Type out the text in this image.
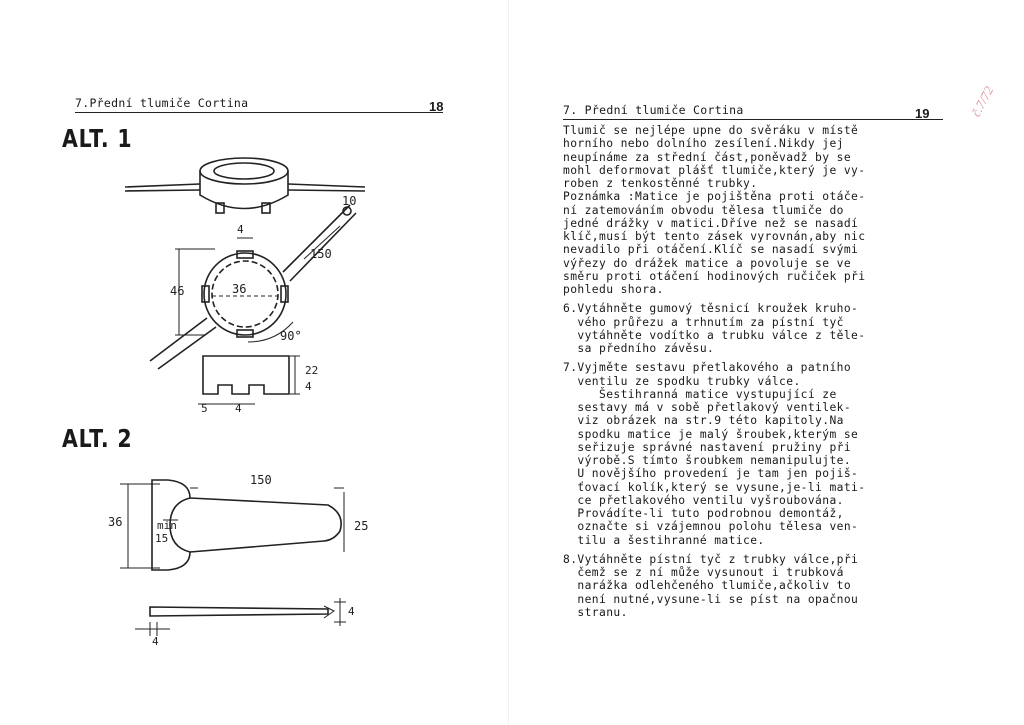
7.Přední tlumiče Cortina	18
ALT. 1
4
10
150
46	36
90°
22
4
5 4
ALT. 2
150
36	min
15
25
4
4
7. Přední tlumiče Cortina	19

Tlumič se nejlépe upne do svěráku v místě

horního nebo dolního zesílení.Nikdy jej

neupínáme za střední část,poněvadž by se

mohl deformovat plášť tlumiče,který je vy-

roben z tenkostěnné trubky.

Poznámka :Matice je pojištěna proti otáče-

ní zatemováním obvodu tělesa tlumiče do

jedné drážky v matici.Dříve než se nasadí

klíč,musí být tento zásek vyrovnán,aby nic

nevadilo při otáčení.Klíč se nasadí svými

výřezy do drážek matice a povoluje se ve

směru proti otáčení hodinových ručiček při

pohledu shora.

6.Vytáhněte gumový těsnicí kroužek kruho-

vého průřezu a trhnutím za pístní tyč

vytáhněte vodítko a trubku válce z těle-

sa předního závěsu.

7.Vyjměte sestavu přetlakového a patního

ventilu ze spodku trubky válce.

Šestihranná matice vystupující ze

sestavy má v sobě přetlakový ventilek-

viz obrázek na str.9 této kapitoly.Na

spodku matice je malý šroubek,kterým se

seřizuje správné nastavení pružiny při

výrobě.S tímto šroubkem nemanipulujte.

U novějšího provedení je tam jen pojiš-

ťovací kolík,který se vysune,je-li mati-

ce přetlakového ventilu vyšroubována.

Provádíte-li tuto podrobnou demontáž,

označte si vzájemnou polohu tělesa ven-

tilu a šestihranné matice.

8.Vytáhněte pístní tyč z trubky válce,při

čemž se z ní může vysunout i trubková

narážka odlehčeného tlumiče,ačkoliv to

není nutné,vysune-li se píst na opačnou

stranu.

č.7/72
